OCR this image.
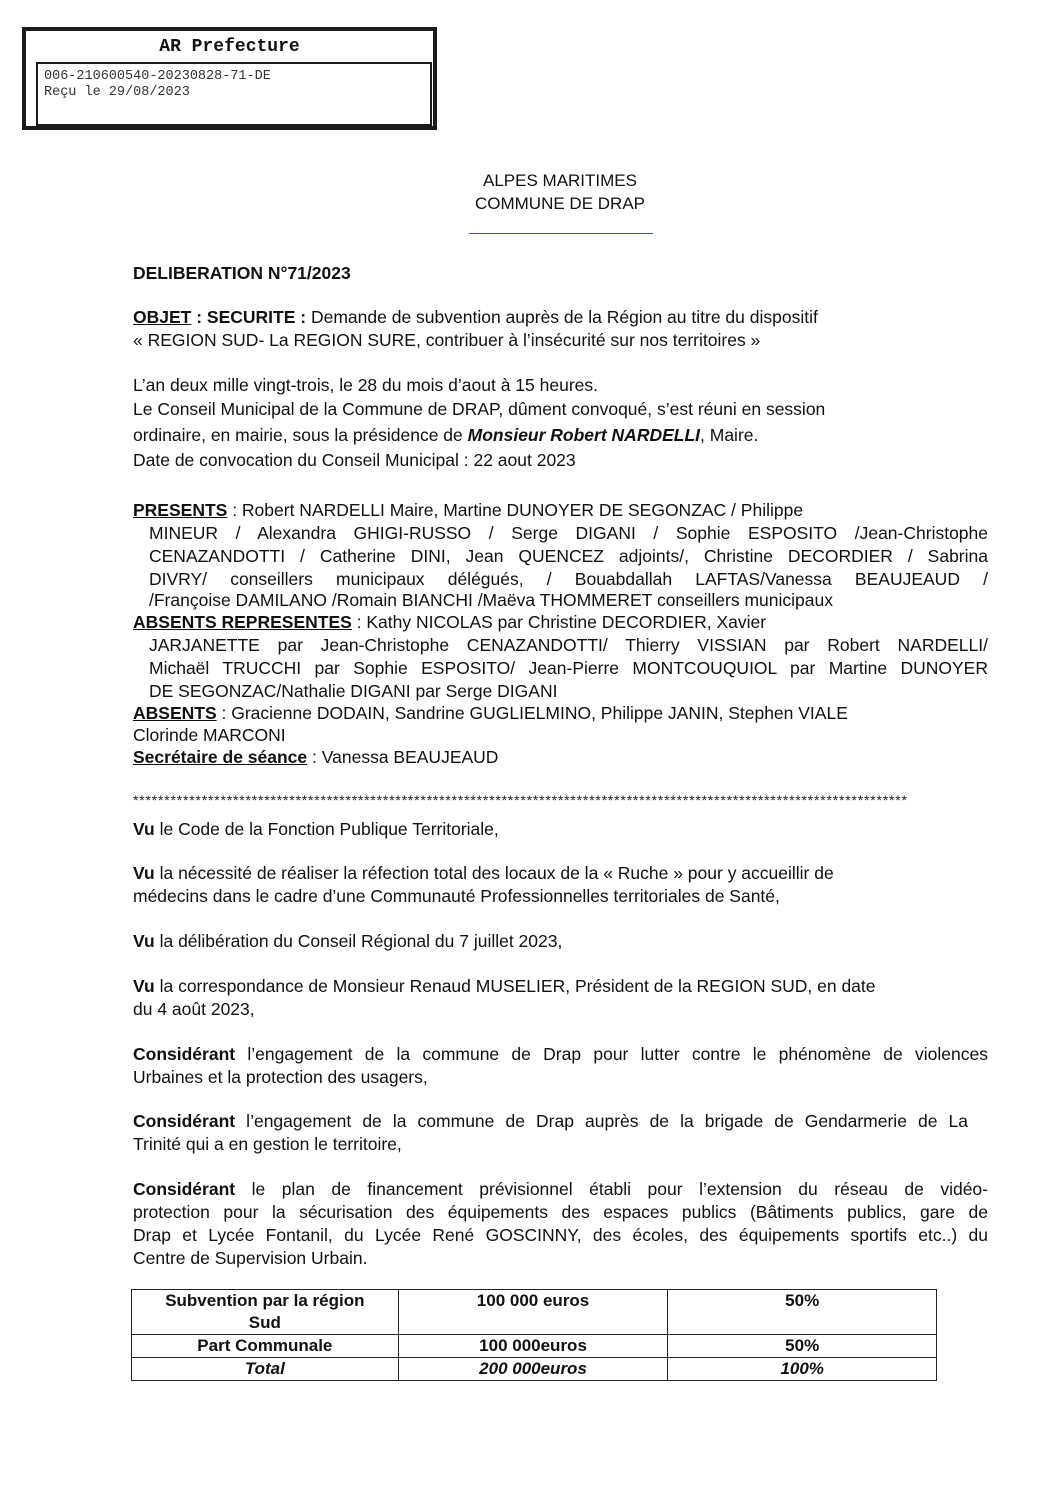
AR Prefecture
006-210600540-20230828-71-DE
Reçu le 29/08/2023
ALPES MARITIMES
COMMUNE DE DRAP
DELIBERATION N°71/2023
OBJET : SECURITE : Demande de subvention auprès de la Région au titre du dispositif
« REGION SUD- La REGION SURE, contribuer à l’insécurité sur nos territoires »
L’an deux mille vingt-trois, le 28 du mois d’aout à 15 heures.
Le Conseil Municipal de la Commune de DRAP, dûment convoqué, s’est réuni en session
ordinaire, en mairie, sous la présidence de Monsieur Robert NARDELLI, Maire.
Date de convocation du Conseil Municipal : 22 aout 2023
PRESENTS : Robert NARDELLI Maire, Martine DUNOYER DE SEGONZAC / Philippe
MINEUR / Alexandra GHIGI-RUSSO / Serge DIGANI / Sophie ESPOSITO /Jean-Christophe
CENAZANDOTTI / Catherine DINI, Jean QUENCEZ adjoints/, Christine DECORDIER / Sabrina
DIVRY/ conseillers municipaux délégués, / Bouabdallah LAFTAS/Vanessa BEAUJEAUD /
/Françoise DAMILANO /Romain BIANCHI /Maëva THOMMERET conseillers municipaux
ABSENTS REPRESENTES : Kathy NICOLAS par Christine DECORDIER, Xavier
JARJANETTE par Jean-Christophe CENAZANDOTTI/ Thierry VISSIAN par Robert NARDELLI/
Michaël TRUCCHI par Sophie ESPOSITO/ Jean-Pierre MONTCOUQUIOL par Martine DUNOYER
DE SEGONZAC/Nathalie DIGANI par Serge DIGANI
ABSENTS : Gracienne DODAIN, Sandrine GUGLIELMINO, Philippe JANIN, Stephen VIALE
Clorinde MARCONI
Secrétaire de séance : Vanessa BEAUJEAUD
****************************************************************************************************************************
Vu le Code de la Fonction Publique Territoriale,
Vu la nécessité de réaliser la réfection total des locaux de la « Ruche » pour y accueillir de
médecins dans le cadre d’une Communauté Professionnelles territoriales de Santé,
Vu la délibération du Conseil Régional du 7 juillet 2023,
Vu la correspondance de Monsieur Renaud MUSELIER, Président de la REGION SUD, en date
du 4 août 2023,
Considérant l’engagement de la commune de Drap pour lutter contre le phénomène de violences
Urbaines et la protection des usagers,
Considérant l’engagement de la commune de Drap auprès de la brigade de Gendarmerie de La
Trinité qui a en gestion le territoire,
Considérant le plan de financement prévisionnel établi pour l’extension du réseau de vidéo-
protection pour la sécurisation des équipements des espaces publics (Bâtiments publics, gare de
Drap et Lycée Fontanil, du Lycée René GOSCINNY, des écoles, des équipements sportifs etc..) du
Centre de Supervision Urbain.
Subvention par la région
Sud	100 000 euros	50%
Part Communale	100 000euros	50%
Total	200 000euros	100%
